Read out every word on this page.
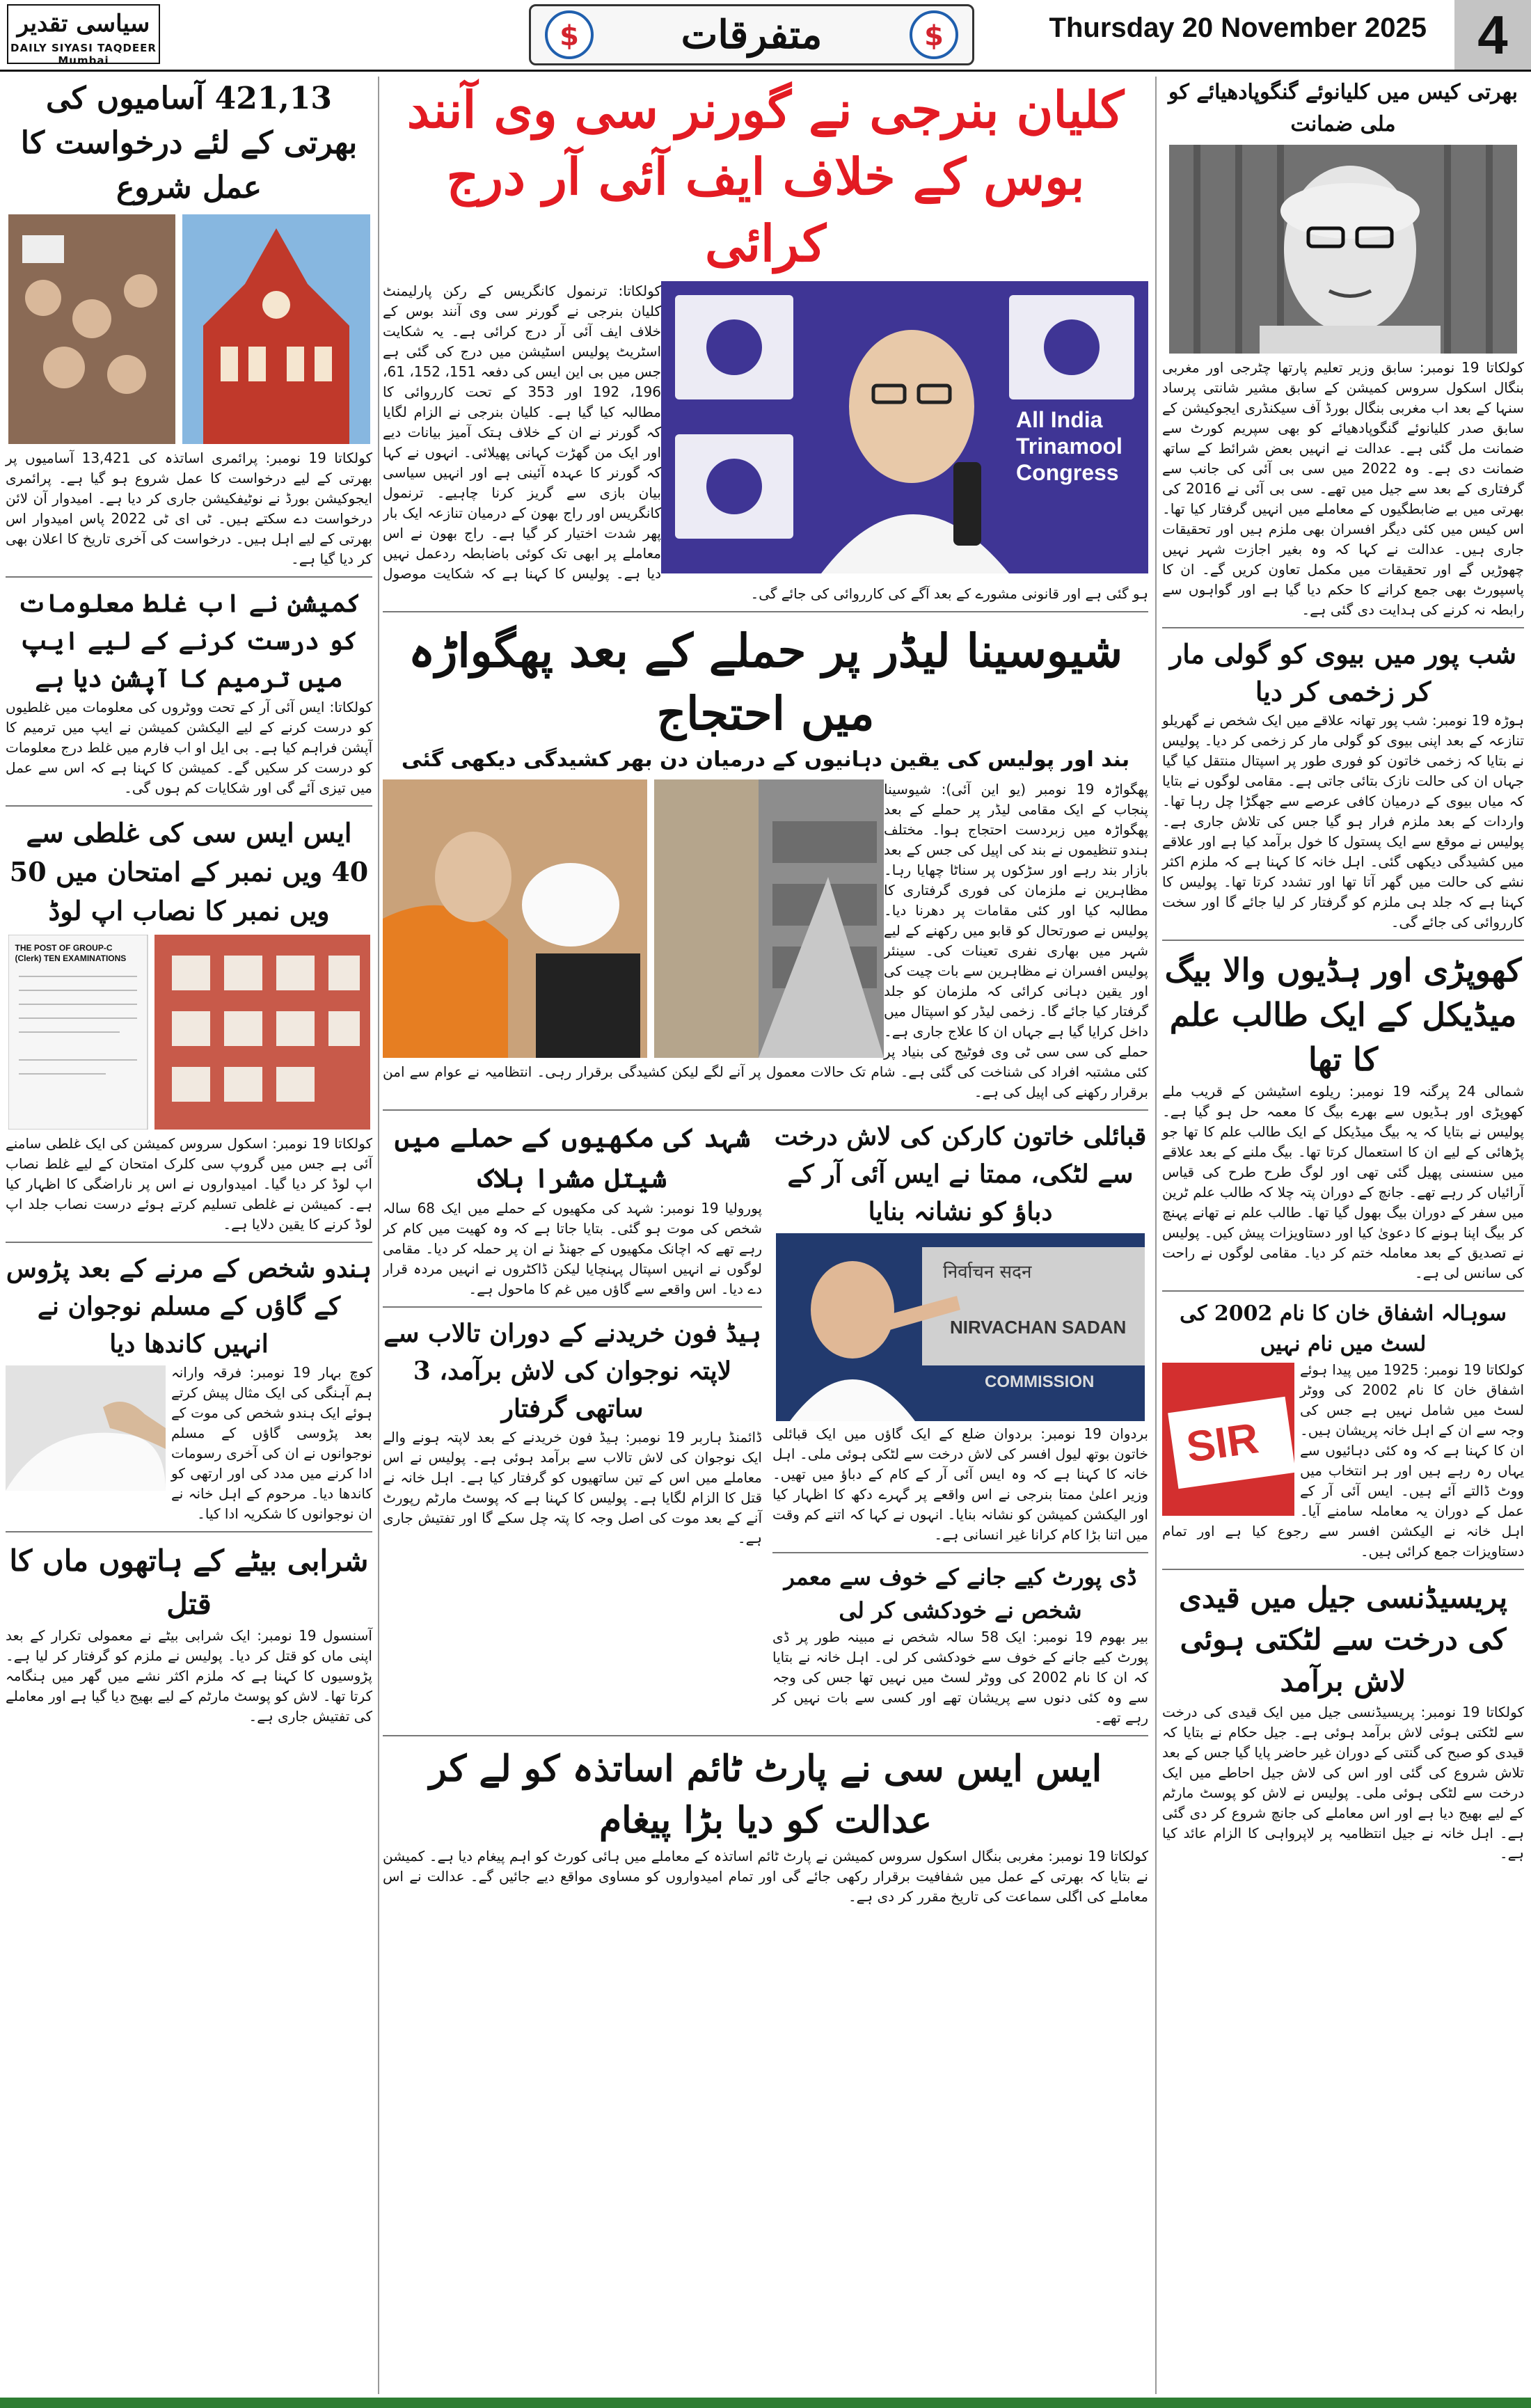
سیاسی تقدیر
DAILY SIYASI TAQDEER Mumbai
$	متفرقات	$	Thursday 20 November 2025 4
بھرتی کیس میں کلیانوئے گنگوپادھیائے کو ملی ضمانت

کولکاتا 19 نومبر: سابق وزیر تعلیم پارتھا چٹرجی اور مغربی بنگال اسکول سروس کمیشن کے سابق مشیر شانتی پرساد سنہا کے بعد اب مغربی بنگال بورڈ آف سیکنڈری ایجوکیشن کے سابق صدر کلیانوئے گنگوپادھیائے کو بھی سپریم کورٹ سے ضمانت مل گئی ہے۔ عدالت نے انہیں بعض شرائط کے ساتھ ضمانت دی ہے۔ وہ 2022 میں سی بی آئی کی جانب سے گرفتاری کے بعد سے جیل میں تھے۔ سی بی آئی نے 2016 کی بھرتی میں بے ضابطگیوں کے معاملے میں انہیں گرفتار کیا تھا۔ اس کیس میں کئی دیگر افسران بھی ملزم ہیں اور تحقیقات جاری ہیں۔ عدالت نے کہا کہ وہ بغیر اجازت شہر نہیں چھوڑیں گے اور تحقیقات میں مکمل تعاون کریں گے۔ ان کا پاسپورٹ بھی جمع کرانے کا حکم دیا گیا ہے اور گواہوں سے رابطہ نہ کرنے کی ہدایت دی گئی ہے۔

شب پور میں بیوی کو گولی مار کر زخمی کر دیا

ہوڑہ 19 نومبر: شب پور تھانہ علاقے میں ایک شخص نے گھریلو تنازعہ کے بعد اپنی بیوی کو گولی مار کر زخمی کر دیا۔ پولیس نے بتایا کہ زخمی خاتون کو فوری طور پر اسپتال منتقل کیا گیا جہاں ان کی حالت نازک بتائی جاتی ہے۔ مقامی لوگوں نے بتایا کہ میاں بیوی کے درمیان کافی عرصے سے جھگڑا چل رہا تھا۔ واردات کے بعد ملزم فرار ہو گیا جس کی تلاش جاری ہے۔ پولیس نے موقع سے ایک پستول کا خول برآمد کیا ہے اور علاقے میں کشیدگی دیکھی گئی۔ اہل خانہ کا کہنا ہے کہ ملزم اکثر نشے کی حالت میں گھر آتا تھا اور تشدد کرتا تھا۔ پولیس کا کہنا ہے کہ جلد ہی ملزم کو گرفتار کر لیا جائے گا اور سخت کارروائی کی جائے گی۔

کھوپڑی اور ہڈیوں والا بیگ میڈیکل کے ایک طالب علم کا تھا

شمالی 24 پرگنہ 19 نومبر: ریلوے اسٹیشن کے قریب ملے کھوپڑی اور ہڈیوں سے بھرے بیگ کا معمہ حل ہو گیا ہے۔ پولیس نے بتایا کہ یہ بیگ میڈیکل کے ایک طالب علم کا تھا جو پڑھائی کے لیے ان کا استعمال کرتا تھا۔ بیگ ملنے کے بعد علاقے میں سنسنی پھیل گئی تھی اور لوگ طرح طرح کی قیاس آرائیاں کر رہے تھے۔ جانچ کے دوران پتہ چلا کہ طالب علم ٹرین میں سفر کے دوران بیگ بھول گیا تھا۔ طالب علم نے تھانے پہنچ کر بیگ اپنا ہونے کا دعویٰ کیا اور دستاویزات پیش کیں۔ پولیس نے تصدیق کے بعد معاملہ ختم کر دیا۔ مقامی لوگوں نے راحت کی سانس لی ہے۔

سوہالہ اشفاق خان کا نام 2002 کی لسٹ میں نام نہیں
SIR

کولکاتا 19 نومبر: 1925 میں پیدا ہوئے اشفاق خان کا نام 2002 کی ووٹر لسٹ میں شامل نہیں ہے جس کی وجہ سے ان کے اہل خانہ پریشان ہیں۔ ان کا کہنا ہے کہ وہ کئی دہائیوں سے یہاں رہ رہے ہیں اور ہر انتخاب میں ووٹ ڈالتے آئے ہیں۔ ایس آئی آر کے عمل کے دوران یہ معاملہ سامنے آیا۔ اہل خانہ نے الیکشن افسر سے رجوع کیا ہے اور تمام دستاویزات جمع کرائی ہیں۔

پریسیڈنسی جیل میں قیدی کی درخت سے لٹکتی ہوئی لاش برآمد

کولکاتا 19 نومبر: پریسیڈنسی جیل میں ایک قیدی کی درخت سے لٹکتی ہوئی لاش برآمد ہوئی ہے۔ جیل حکام نے بتایا کہ قیدی کو صبح کی گنتی کے دوران غیر حاضر پایا گیا جس کے بعد تلاش شروع کی گئی اور اس کی لاش جیل احاطے میں ایک درخت سے لٹکی ہوئی ملی۔ پولیس نے لاش کو پوسٹ مارٹم کے لیے بھیج دیا ہے اور اس معاملے کی جانچ شروع کر دی گئی ہے۔ اہل خانہ نے جیل انتظامیہ پر لاپرواہی کا الزام عائد کیا ہے۔

کلیان بنرجی نے گورنر سی وی آنند بوس کے خلاف ایف آئی آر درج کرائی
All India Trinamool Congress

کولکاتا: ترنمول کانگریس کے رکن پارلیمنٹ کلیان بنرجی نے گورنر سی وی آنند بوس کے خلاف ایف آئی آر درج کرائی ہے۔ یہ شکایت اسٹریٹ پولیس اسٹیشن میں درج کی گئی ہے جس میں بی این ایس کی دفعہ 151، 152، 61، 196، 192 اور 353 کے تحت کارروائی کا مطالبہ کیا گیا ہے۔ کلیان بنرجی نے الزام لگایا کہ گورنر نے ان کے خلاف ہتک آمیز بیانات دیے اور ایک من گھڑت کہانی پھیلائی۔ انہوں نے کہا کہ گورنر کا عہدہ آئینی ہے اور انہیں سیاسی بیان بازی سے گریز کرنا چاہیے۔ ترنمول کانگریس اور راج بھون کے درمیان تنازعہ ایک بار پھر شدت اختیار کر گیا ہے۔ راج بھون نے اس معاملے پر ابھی تک کوئی باضابطہ ردعمل نہیں دیا ہے۔ پولیس کا کہنا ہے کہ شکایت موصول ہو گئی ہے اور قانونی مشورے کے بعد آگے کی کارروائی کی جائے گی۔

شیوسینا لیڈر پر حملے کے بعد پھگواڑہ میں احتجاج
بند اور پولیس کی یقین دہانیوں کے درمیان دن بھر کشیدگی دیکھی گئی

پھگواڑہ 19 نومبر (یو این آئی): شیوسینا پنجاب کے ایک مقامی لیڈر پر حملے کے بعد پھگواڑہ میں زبردست احتجاج ہوا۔ مختلف ہندو تنظیموں نے بند کی اپیل کی جس کے بعد بازار بند رہے اور سڑکوں پر سناٹا چھایا رہا۔ مظاہرین نے ملزمان کی فوری گرفتاری کا مطالبہ کیا اور کئی مقامات پر دھرنا دیا۔ پولیس نے صورتحال کو قابو میں رکھنے کے لیے شہر میں بھاری نفری تعینات کی۔ سینئر پولیس افسران نے مظاہرین سے بات چیت کی اور یقین دہانی کرائی کہ ملزمان کو جلد گرفتار کیا جائے گا۔ زخمی لیڈر کو اسپتال میں داخل کرایا گیا ہے جہاں ان کا علاج جاری ہے۔ حملے کی سی سی ٹی وی فوٹیج کی بنیاد پر کئی مشتبہ افراد کی شناخت کی گئی ہے۔ شام تک حالات معمول پر آنے لگے لیکن کشیدگی برقرار رہی۔ انتظامیہ نے عوام سے امن برقرار رکھنے کی اپیل کی ہے۔

قبائلی خاتون کارکن کی لاش درخت سے لٹکی، ممتا نے ایس آئی آر کے دباؤ کو نشانہ بنایا
निर्वाचन सदन
NIRVACHAN SADAN
COMMISSION

بردوان 19 نومبر: بردوان ضلع کے ایک گاؤں میں ایک قبائلی خاتون بوتھ لیول افسر کی لاش درخت سے لٹکی ہوئی ملی۔ اہل خانہ کا کہنا ہے کہ وہ ایس آئی آر کے کام کے دباؤ میں تھیں۔ وزیر اعلیٰ ممتا بنرجی نے اس واقعے پر گہرے دکھ کا اظہار کیا اور الیکشن کمیشن کو نشانہ بنایا۔ انہوں نے کہا کہ اتنے کم وقت میں اتنا بڑا کام کرانا غیر انسانی ہے۔

ڈی پورٹ کیے جانے کے خوف سے معمر شخص نے خودکشی کر لی

بیر بھوم 19 نومبر: ایک 58 سالہ شخص نے مبینہ طور پر ڈی پورٹ کیے جانے کے خوف سے خودکشی کر لی۔ اہل خانہ نے بتایا کہ ان کا نام 2002 کی ووٹر لسٹ میں نہیں تھا جس کی وجہ سے وہ کئی دنوں سے پریشان تھے اور کسی سے بات نہیں کر رہے تھے۔

شہد کی مکھیوں کے حملے میں شیتل مشرا ہلاک

پورولیا 19 نومبر: شہد کی مکھیوں کے حملے میں ایک 68 سالہ شخص کی موت ہو گئی۔ بتایا جاتا ہے کہ وہ کھیت میں کام کر رہے تھے کہ اچانک مکھیوں کے جھنڈ نے ان پر حملہ کر دیا۔ مقامی لوگوں نے انہیں اسپتال پہنچایا لیکن ڈاکٹروں نے انہیں مردہ قرار دے دیا۔ اس واقعے سے گاؤں میں غم کا ماحول ہے۔

ہیڈ فون خریدنے کے دوران تالاب سے لاپتہ نوجوان کی لاش برآمد، 3 ساتھی گرفتار

ڈائمنڈ ہاربر 19 نومبر: ہیڈ فون خریدنے کے بعد لاپتہ ہونے والے ایک نوجوان کی لاش تالاب سے برآمد ہوئی ہے۔ پولیس نے اس معاملے میں اس کے تین ساتھیوں کو گرفتار کیا ہے۔ اہل خانہ نے قتل کا الزام لگایا ہے۔ پولیس کا کہنا ہے کہ پوسٹ مارٹم رپورٹ آنے کے بعد موت کی اصل وجہ کا پتہ چل سکے گا اور تفتیش جاری ہے۔

ایس ایس سی نے پارٹ ٹائم اساتذہ کو لے کر عدالت کو دیا بڑا پیغام

کولکاتا 19 نومبر: مغربی بنگال اسکول سروس کمیشن نے پارٹ ٹائم اساتذہ کے معاملے میں ہائی کورٹ کو اہم پیغام دیا ہے۔ کمیشن نے بتایا کہ بھرتی کے عمل میں شفافیت برقرار رکھی جائے گی اور تمام امیدواروں کو مساوی مواقع دیے جائیں گے۔ عدالت نے اس معاملے کی اگلی سماعت کی تاریخ مقرر کر دی ہے۔

421,13 آسامیوں کی بھرتی کے لئے درخواست کا عمل شروع

کولکاتا 19 نومبر: پرائمری اساتذہ کی 13,421 آسامیوں پر بھرتی کے لیے درخواست کا عمل شروع ہو گیا ہے۔ پرائمری ایجوکیشن بورڈ نے نوٹیفکیشن جاری کر دیا ہے۔ امیدوار آن لائن درخواست دے سکتے ہیں۔ ٹی ای ٹی 2022 پاس امیدوار اس بھرتی کے لیے اہل ہیں۔ درخواست کی آخری تاریخ کا اعلان بھی کر دیا گیا ہے۔

کمیشن نے اب غلط معلومات کو درست کرنے کے لیے ایپ میں ترمیم کا آپشن دیا ہے

کولکاتا: ایس آئی آر کے تحت ووٹروں کی معلومات میں غلطیوں کو درست کرنے کے لیے الیکشن کمیشن نے ایپ میں ترمیم کا آپشن فراہم کیا ہے۔ بی ایل او اب فارم میں غلط درج معلومات کو درست کر سکیں گے۔ کمیشن کا کہنا ہے کہ اس سے عمل میں تیزی آئے گی اور شکایات کم ہوں گی۔

ایس ایس سی کی غلطی سے 40 ویں نمبر کے امتحان میں 50 ویں نمبر کا نصاب اپ لوڈ
THE POST OF GROUP-C (Clerk) TEN EXAMINATIONS

کولکاتا 19 نومبر: اسکول سروس کمیشن کی ایک غلطی سامنے آئی ہے جس میں گروپ سی کلرک امتحان کے لیے غلط نصاب اپ لوڈ کر دیا گیا۔ امیدواروں نے اس پر ناراضگی کا اظہار کیا ہے۔ کمیشن نے غلطی تسلیم کرتے ہوئے درست نصاب جلد اپ لوڈ کرنے کا یقین دلایا ہے۔

ہندو شخص کے مرنے کے بعد پڑوس کے گاؤں کے مسلم نوجوان نے انہیں کاندھا دیا

کوچ بہار 19 نومبر: فرقہ وارانہ ہم آہنگی کی ایک مثال پیش کرتے ہوئے ایک ہندو شخص کی موت کے بعد پڑوسی گاؤں کے مسلم نوجوانوں نے ان کی آخری رسومات ادا کرنے میں مدد کی اور ارتھی کو کاندھا دیا۔ مرحوم کے اہل خانہ نے ان نوجوانوں کا شکریہ ادا کیا۔

شرابی بیٹے کے ہاتھوں ماں کا قتل

آسنسول 19 نومبر: ایک شرابی بیٹے نے معمولی تکرار کے بعد اپنی ماں کو قتل کر دیا۔ پولیس نے ملزم کو گرفتار کر لیا ہے۔ پڑوسیوں کا کہنا ہے کہ ملزم اکثر نشے میں گھر میں ہنگامہ کرتا تھا۔ لاش کو پوسٹ مارٹم کے لیے بھیج دیا گیا ہے اور معاملے کی تفتیش جاری ہے۔
